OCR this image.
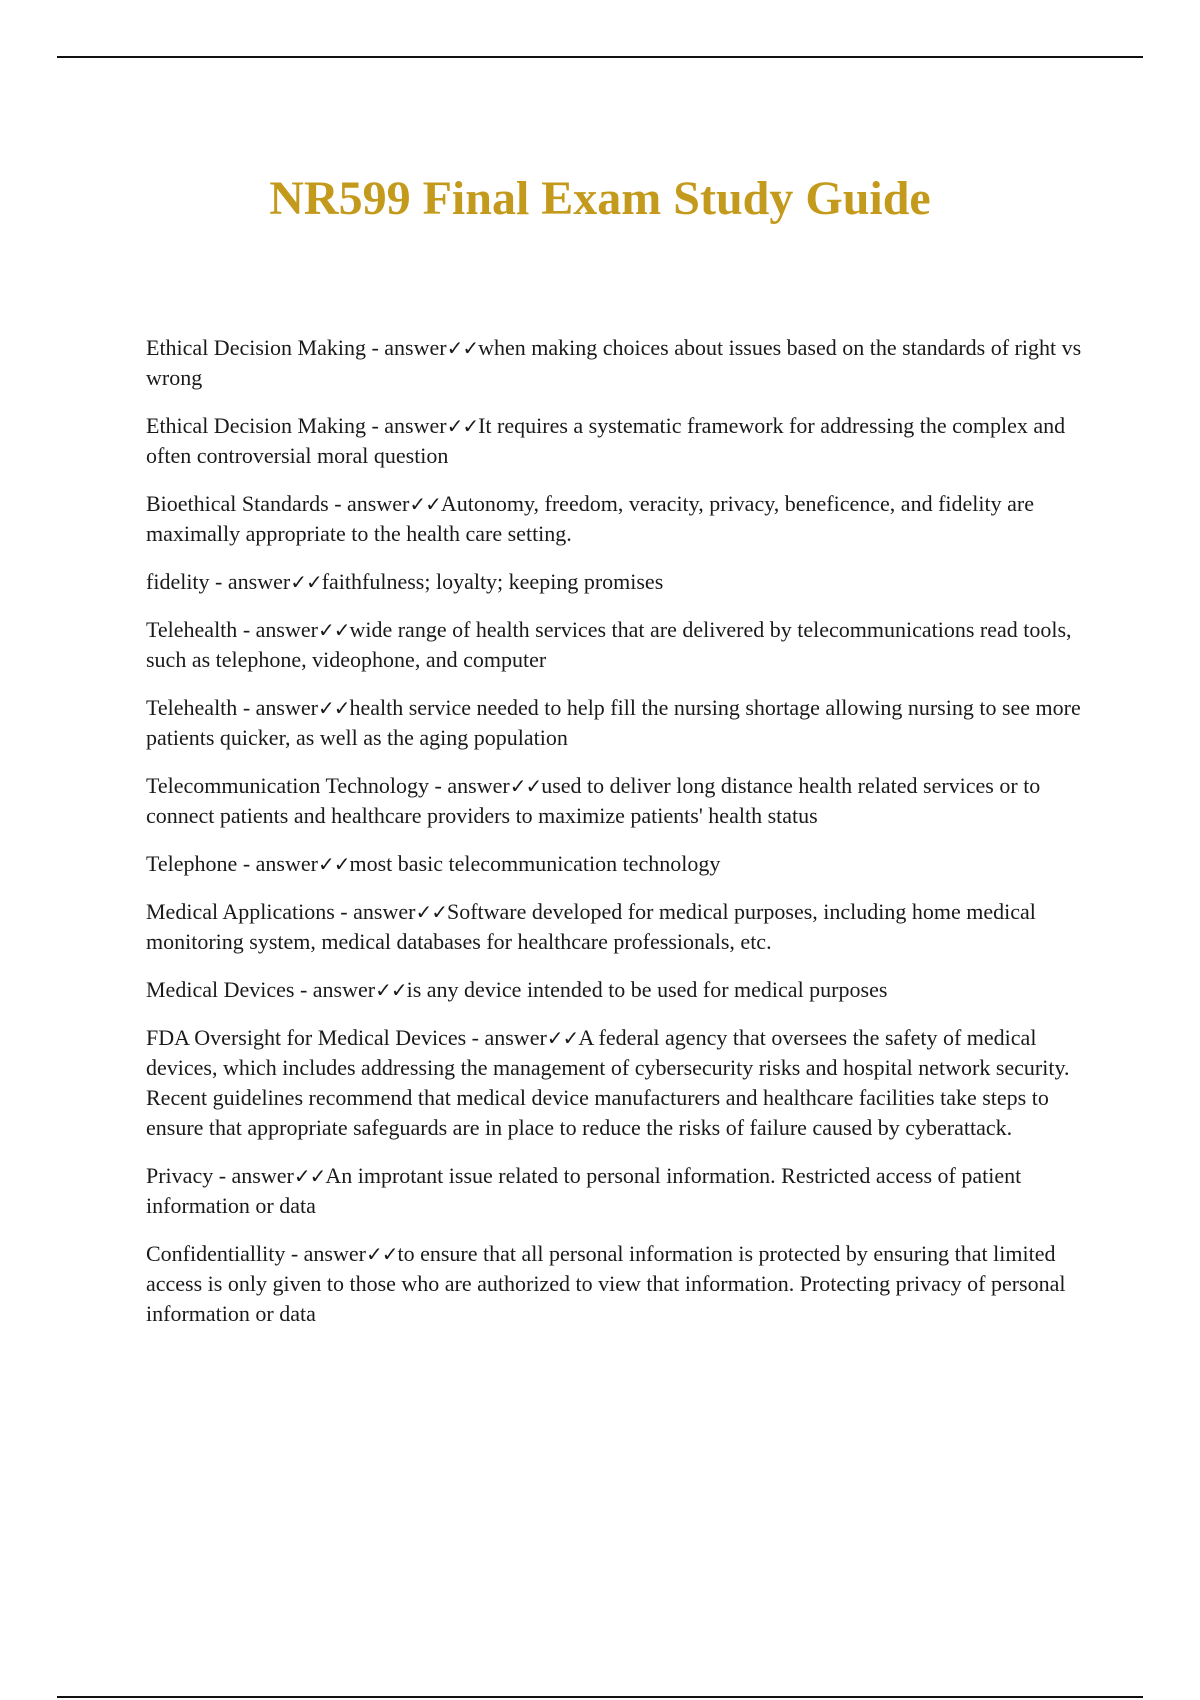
NR599 Final Exam Study Guide
Ethical Decision Making - answer✓✓when making choices about issues based on the standards of right vs wrong
Ethical Decision Making - answer✓✓It requires a systematic framework for addressing the complex and often controversial moral question
Bioethical Standards - answer✓✓Autonomy, freedom, veracity, privacy, beneficence, and fidelity are maximally appropriate to the health care setting.
fidelity - answer✓✓faithfulness; loyalty; keeping promises
Telehealth - answer✓✓wide range of health services that are delivered by telecommunications read tools, such as telephone, videophone, and computer
Telehealth - answer✓✓health service needed to help fill the nursing shortage allowing nursing to see more patients quicker, as well as the aging population
Telecommunication Technology - answer✓✓used to deliver long distance health related services or to connect patients and healthcare providers to maximize patients' health status
Telephone - answer✓✓most basic telecommunication technology
Medical Applications - answer✓✓Software developed for medical purposes, including home medical monitoring system, medical databases for healthcare professionals, etc.
Medical Devices - answer✓✓is any device intended to be used for medical purposes
FDA Oversight for Medical Devices - answer✓✓A federal agency that oversees the safety of medical devices, which includes addressing the management of cybersecurity risks and hospital network security. Recent guidelines recommend that medical device manufacturers and healthcare facilities take steps to ensure that appropriate safeguards are in place to reduce the risks of failure caused by cyberattack.
Privacy - answer✓✓An improtant issue related to personal information. Restricted access of patient information or data
Confidentiallity - answer✓✓to ensure that all personal information is protected by ensuring that limited access is only given to those who are authorized to view that information. Protecting privacy of personal information or data
